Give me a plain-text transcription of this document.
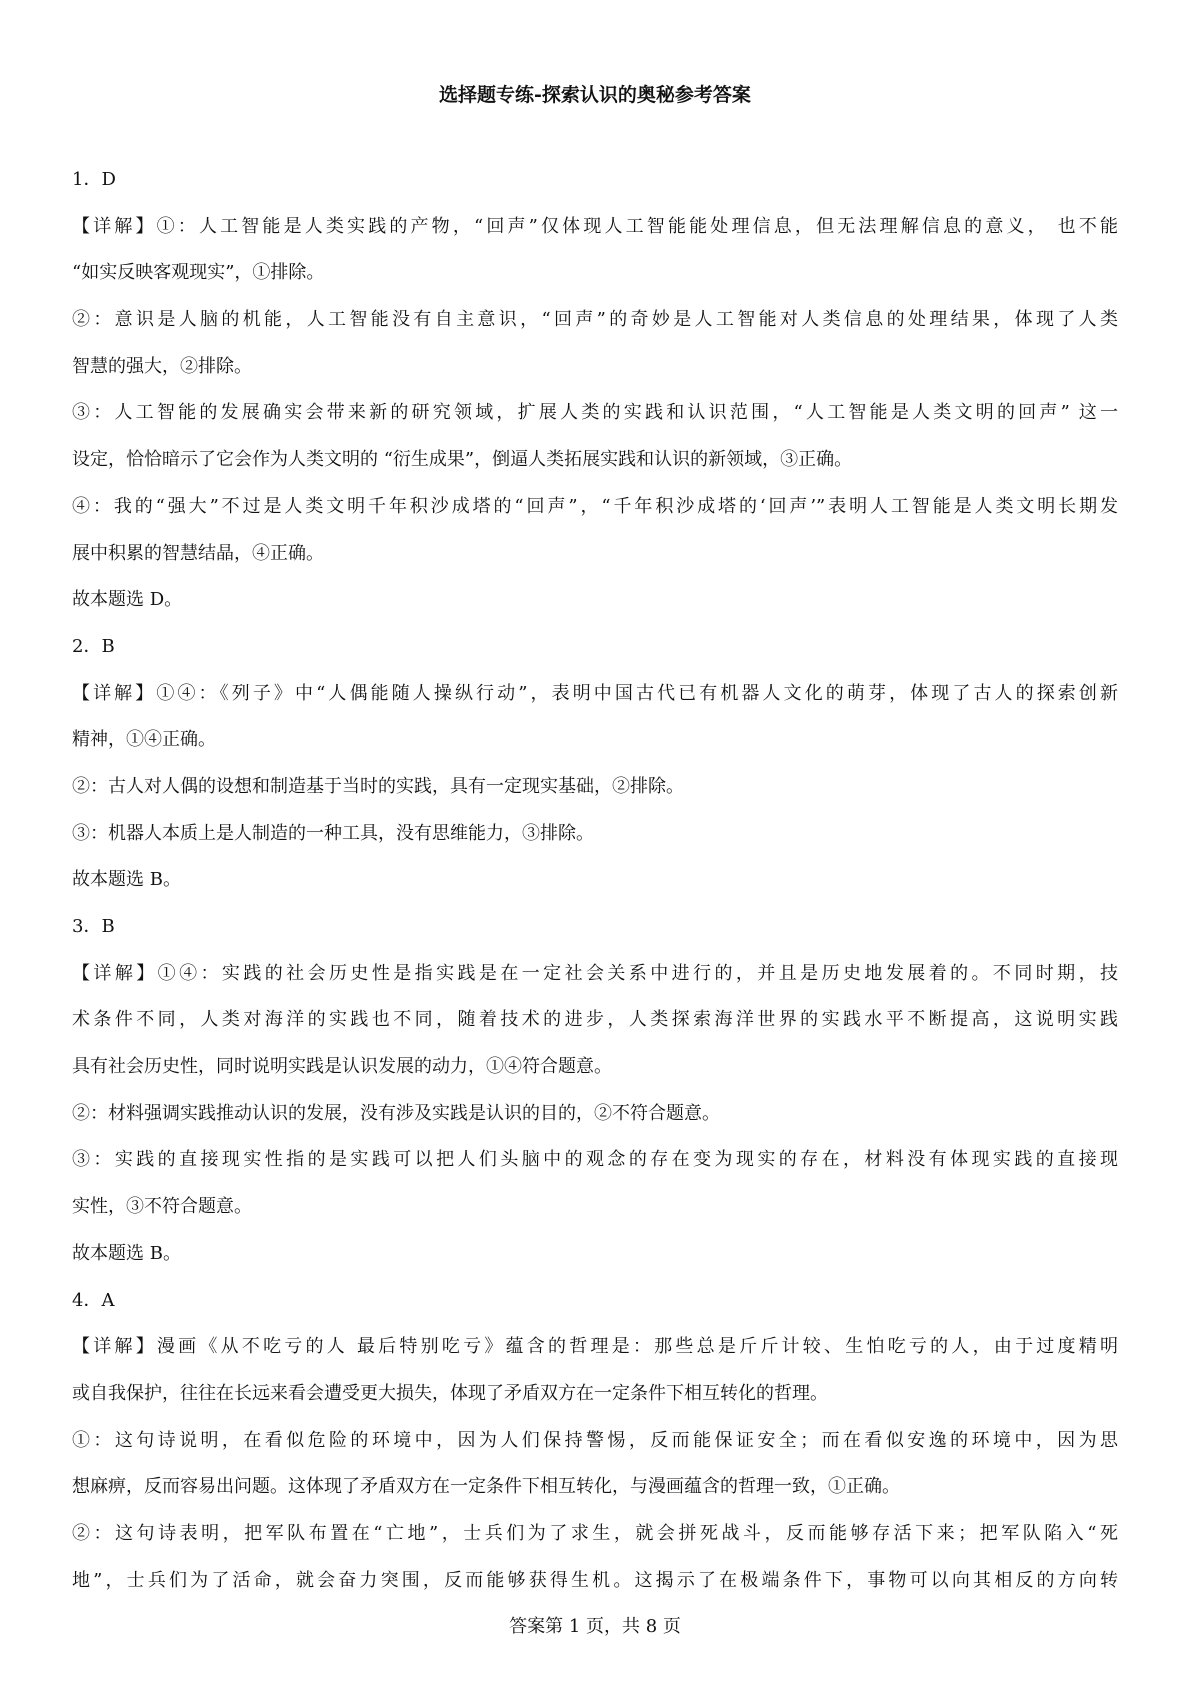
选择题专练-探索认识的奥秘参考答案
1．D
【详解】①：人工智能是人类实践的产物，“回声”仅体现人工智能能处理信息，但无法理解信息的意义， 也不能
“如实反映客观现实”，①排除。
②：意识是人脑的机能，人工智能没有自主意识，“回声”的奇妙是人工智能对人类信息的处理结果，体现了人类
智慧的强大，②排除。
③：人工智能的发展确实会带来新的研究领域，扩展人类的实践和认识范围，“人工智能是人类文明的回声” 这一
设定，恰恰暗示了它会作为人类文明的 “衍生成果”，倒逼人类拓展实践和认识的新领域，③正确。
④：我的“强大”不过是人类文明千年积沙成塔的“回声”，“千年积沙成塔的‘回声’”表明人工智能是人类文明长期发
展中积累的智慧结晶，④正确。
故本题选 D。
2．B
【详解】①④：《列子》中“人偶能随人操纵行动”，表明中国古代已有机器人文化的萌芽，体现了古人的探索创新
精神，①④正确。
②：古人对人偶的设想和制造基于当时的实践，具有一定现实基础，②排除。
③：机器人本质上是人制造的一种工具，没有思维能力，③排除。
故本题选 B。
3．B
【详解】①④：实践的社会历史性是指实践是在一定社会关系中进行的，并且是历史地发展着的。不同时期，技
术条件不同，人类对海洋的实践也不同，随着技术的进步，人类探索海洋世界的实践水平不断提高，这说明实践
具有社会历史性，同时说明实践是认识发展的动力，①④符合题意。
②：材料强调实践推动认识的发展，没有涉及实践是认识的目的，②不符合题意。
③：实践的直接现实性指的是实践可以把人们头脑中的观念的存在变为现实的存在，材料没有体现实践的直接现
实性，③不符合题意。
故本题选 B。
4．A
【详解】漫画《从不吃亏的人 最后特别吃亏》蕴含的哲理是：那些总是斤斤计较、生怕吃亏的人，由于过度精明
或自我保护，往往在长远来看会遭受更大损失，体现了矛盾双方在一定条件下相互转化的哲理。
①：这句诗说明，在看似危险的环境中，因为人们保持警惕，反而能保证安全；而在看似安逸的环境中，因为思
想麻痹，反而容易出问题。这体现了矛盾双方在一定条件下相互转化，与漫画蕴含的哲理一致，①正确。
②：这句诗表明，把军队布置在“亡地”，士兵们为了求生，就会拼死战斗，反而能够存活下来；把军队陷入“死
地”，士兵们为了活命，就会奋力突围，反而能够获得生机。这揭示了在极端条件下，事物可以向其相反的方向转
答案第 1 页，共 8 页
